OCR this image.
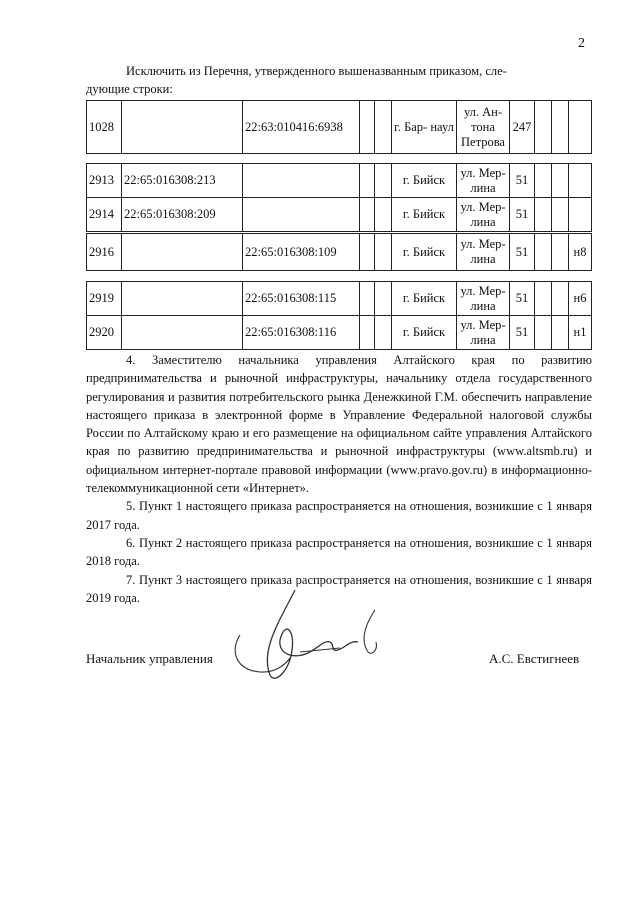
2
Исключить из Перечня, утвержденного вышеназванным приказом, сле-
дующие строки:
1028		22:63:010416:6938			г. Бар- наул	ул. Ан- тона Петрова	247			
2913	22:65:016308:213				г. Бийск	ул. Мер- лина	51			
2914	22:65:016308:209				г. Бийск	ул. Мер- лина	51			
2916		22:65:016308:109			г. Бийск	ул. Мер- лина	51			н8
2919		22:65:016308:115			г. Бийск	ул. Мер- лина	51			н6
2920		22:65:016308:116			г. Бийск	ул. Мер- лина	51			н1

4. Заместителю начальника управления Алтайского края по развитию предпринимательства и рыночной инфраструктуры, начальнику отдела государственного регулирования и развития потребительского рынка Денежкиной Г.М. обеспечить направление настоящего приказа в электронной форме в Управление Федеральной налоговой службы России по Алтайскому краю и его размещение на официальном сайте управления Алтайского края по развитию предпринимательства и рыночной инфраструктуры (www.altsmb.ru) и официальном интернет-портале правовой информации (www.pravo.gov.ru) в информационно-телекоммуникационной сети «Интернет».

5. Пункт 1 настоящего приказа распространяется на отношения, возникшие с 1 января 2017 года.

6. Пункт 2 настоящего приказа распространяется на отношения, возникшие с 1 января 2018 года.

7. Пункт 3 настоящего приказа распространяется на отношения, возникшие с 1 января 2019 года.

Начальник управления	А.С. Евстигнеев
